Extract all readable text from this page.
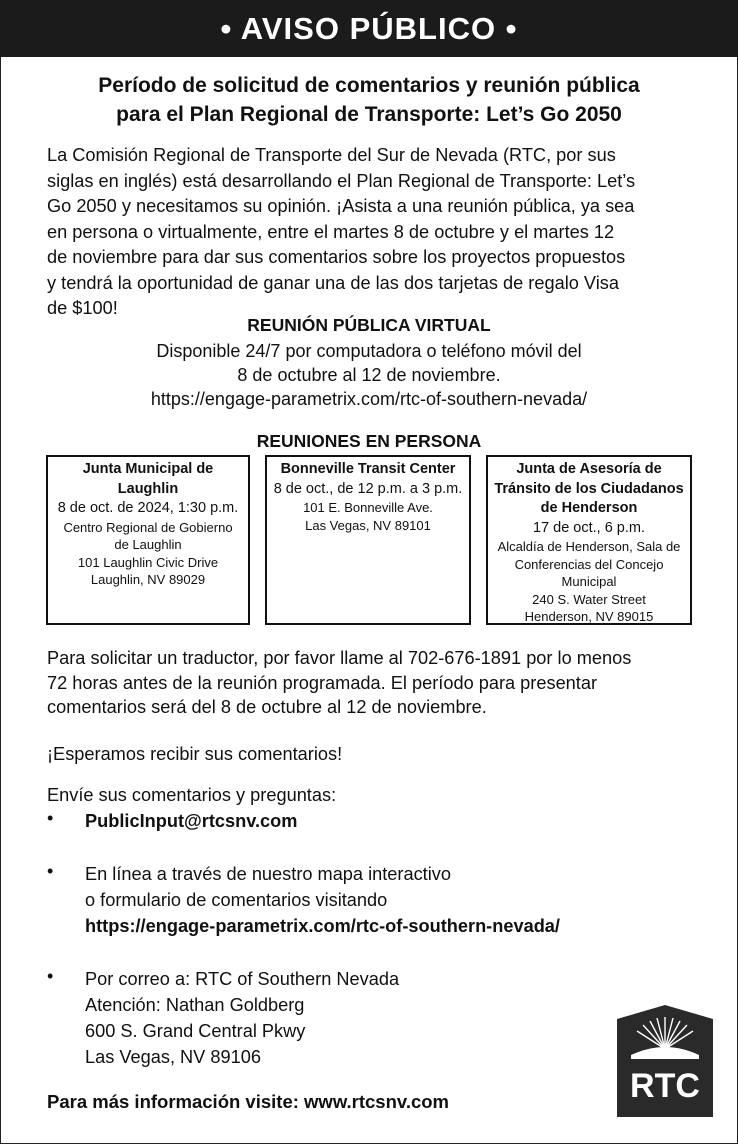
• AVISO PÚBLICO •
Período de solicitud de comentarios y reunión pública
para el Plan Regional de Transporte: Let’s Go 2050
La Comisión Regional de Transporte del Sur de Nevada (RTC, por sus
siglas en inglés) está desarrollando el Plan Regional de Transporte: Let’s
Go 2050 y necesitamos su opinión. ¡Asista a una reunión pública, ya sea
en persona o virtualmente, entre el martes 8 de octubre y el martes 12
de noviembre para dar sus comentarios sobre los proyectos propuestos
y tendrá la oportunidad de ganar una de las dos tarjetas de regalo Visa
de $100!
REUNIÓN PÚBLICA VIRTUAL
Disponible 24/7 por computadora o teléfono móvil del
8 de octubre al 12 de noviembre.
https://engage-parametrix.com/rtc-of-southern-nevada/
REUNIONES EN PERSONA
Junta Municipal de
Laughlin
8 de oct. de 2024, 1:30 p.m.
Centro Regional de Gobierno
de Laughlin
101 Laughlin Civic Drive
Laughlin, NV 89029
Bonneville Transit Center
8 de oct., de 12 p.m. a 3 p.m.
101 E. Bonneville Ave.
Las Vegas, NV 89101
Junta de Asesoría de
Tránsito de los Ciudadanos
de Henderson
17 de oct., 6 p.m.
Alcaldía de Henderson, Sala de
Conferencias del Concejo
Municipal
240 S. Water Street
Henderson, NV 89015
Para solicitar un traductor, por favor llame al 702-676-1891 por lo menos
72 horas antes de la reunión programada. El período para presentar
comentarios será del 8 de octubre al 12 de noviembre.
¡Esperamos recibir sus comentarios!
Envíe sus comentarios y preguntas:
• PublicInput@rtcsnv.com
• En línea a través de nuestro mapa interactivo
o formulario de comentarios visitando
https://engage-parametrix.com/rtc-of-southern-nevada/
• Por correo a: RTC of Southern Nevada
Atención: Nathan Goldberg
600 S. Grand Central Pkwy
Las Vegas, NV 89106
Para más información visite: www.rtcsnv.com	RTC
